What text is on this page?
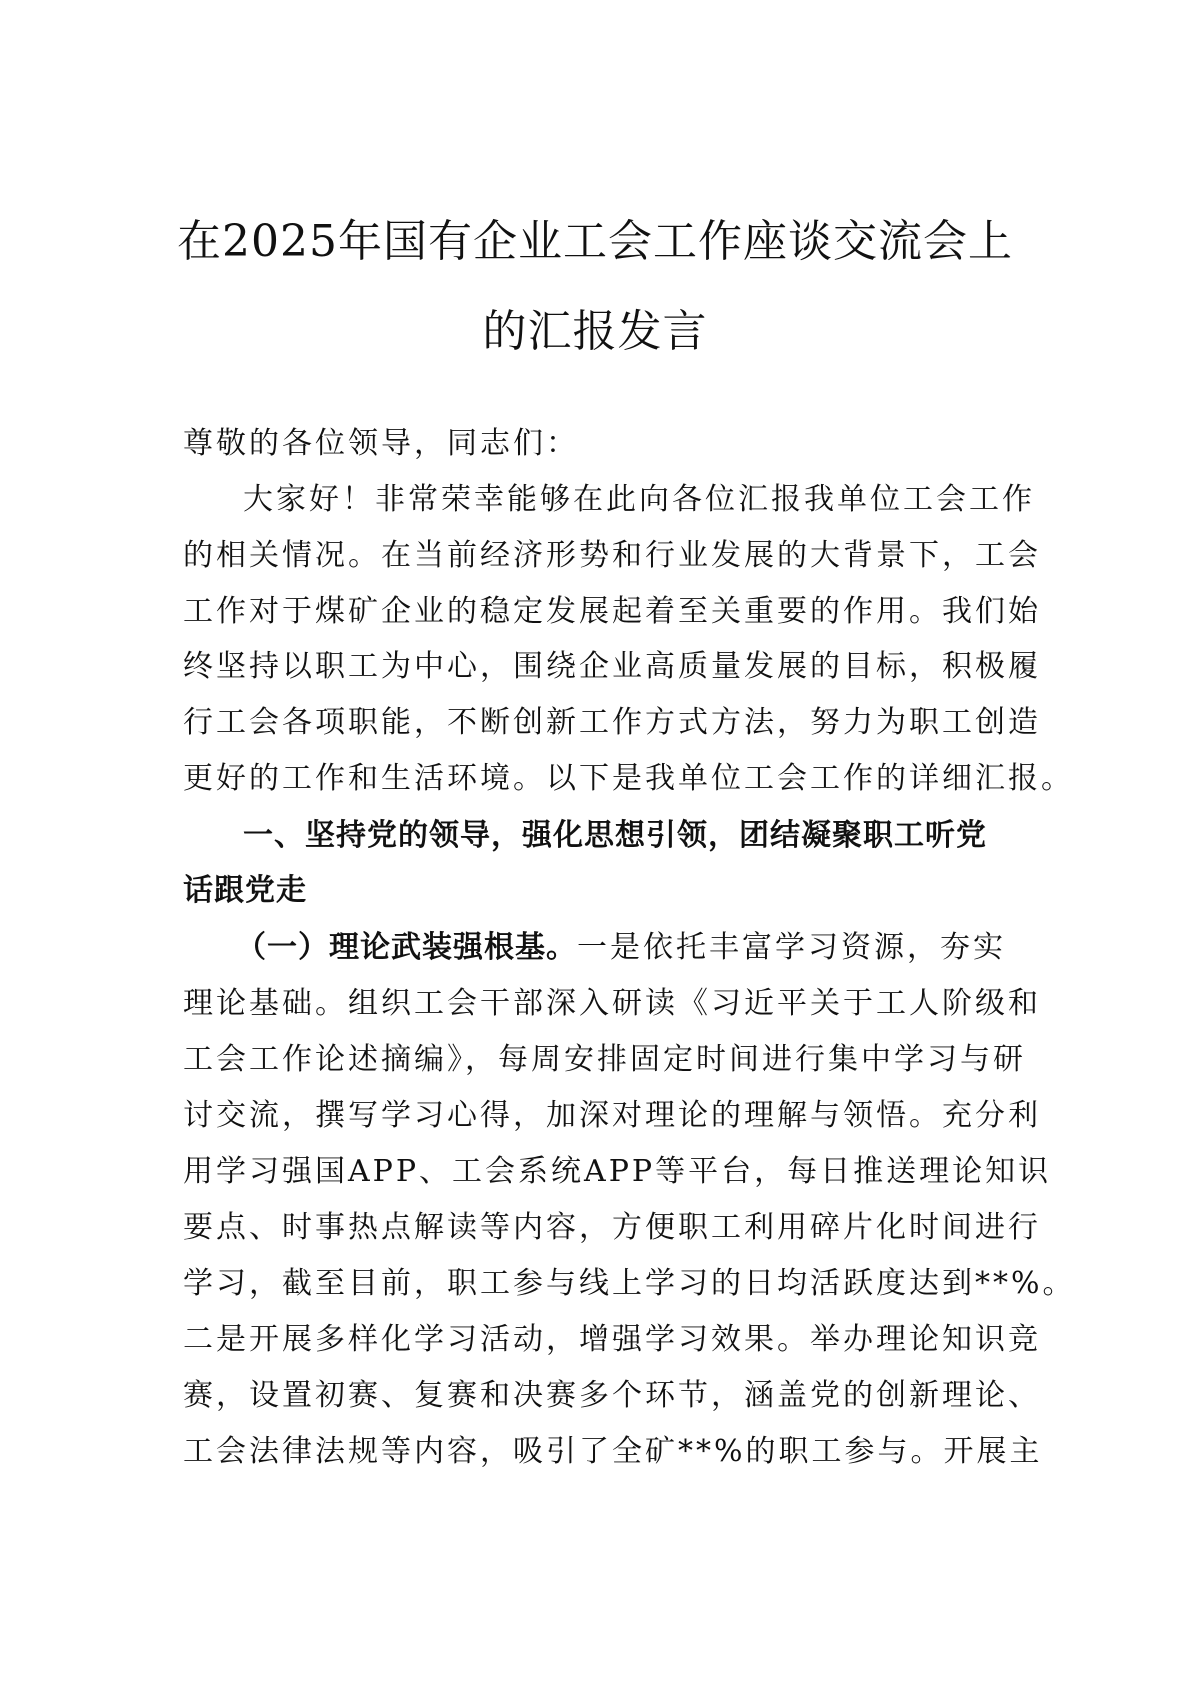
在2025年国有企业工会工作座谈交流会上
的汇报发言

尊敬的各位领导，同志们：

大家好！非常荣幸能够在此向各位汇报我单位工会工作

的相关情况。在当前经济形势和行业发展的大背景下，工会

工作对于煤矿企业的稳定发展起着至关重要的作用。我们始

终坚持以职工为中心，围绕企业高质量发展的目标，积极履

行工会各项职能，不断创新工作方式方法，努力为职工创造

更好的工作和生活环境。以下是我单位工会工作的详细汇报。

一、坚持党的领导，强化思想引领，团结凝聚职工听党

话跟党走

（一）理论武装强根基。一是依托丰富学习资源，夯实

理论基础。组织工会干部深入研读《习近平关于工人阶级和

工会工作论述摘编》，每周安排固定时间进行集中学习与研

讨交流，撰写学习心得，加深对理论的理解与领悟。充分利

用学习强国APP、工会系统APP等平台，每日推送理论知识

要点、时事热点解读等内容，方便职工利用碎片化时间进行

学习，截至目前，职工参与线上学习的日均活跃度达到**%。

二是开展多样化学习活动，增强学习效果。举办理论知识竞

赛，设置初赛、复赛和决赛多个环节，涵盖党的创新理论、

工会法律法规等内容，吸引了全矿**%的职工参与。开展主
